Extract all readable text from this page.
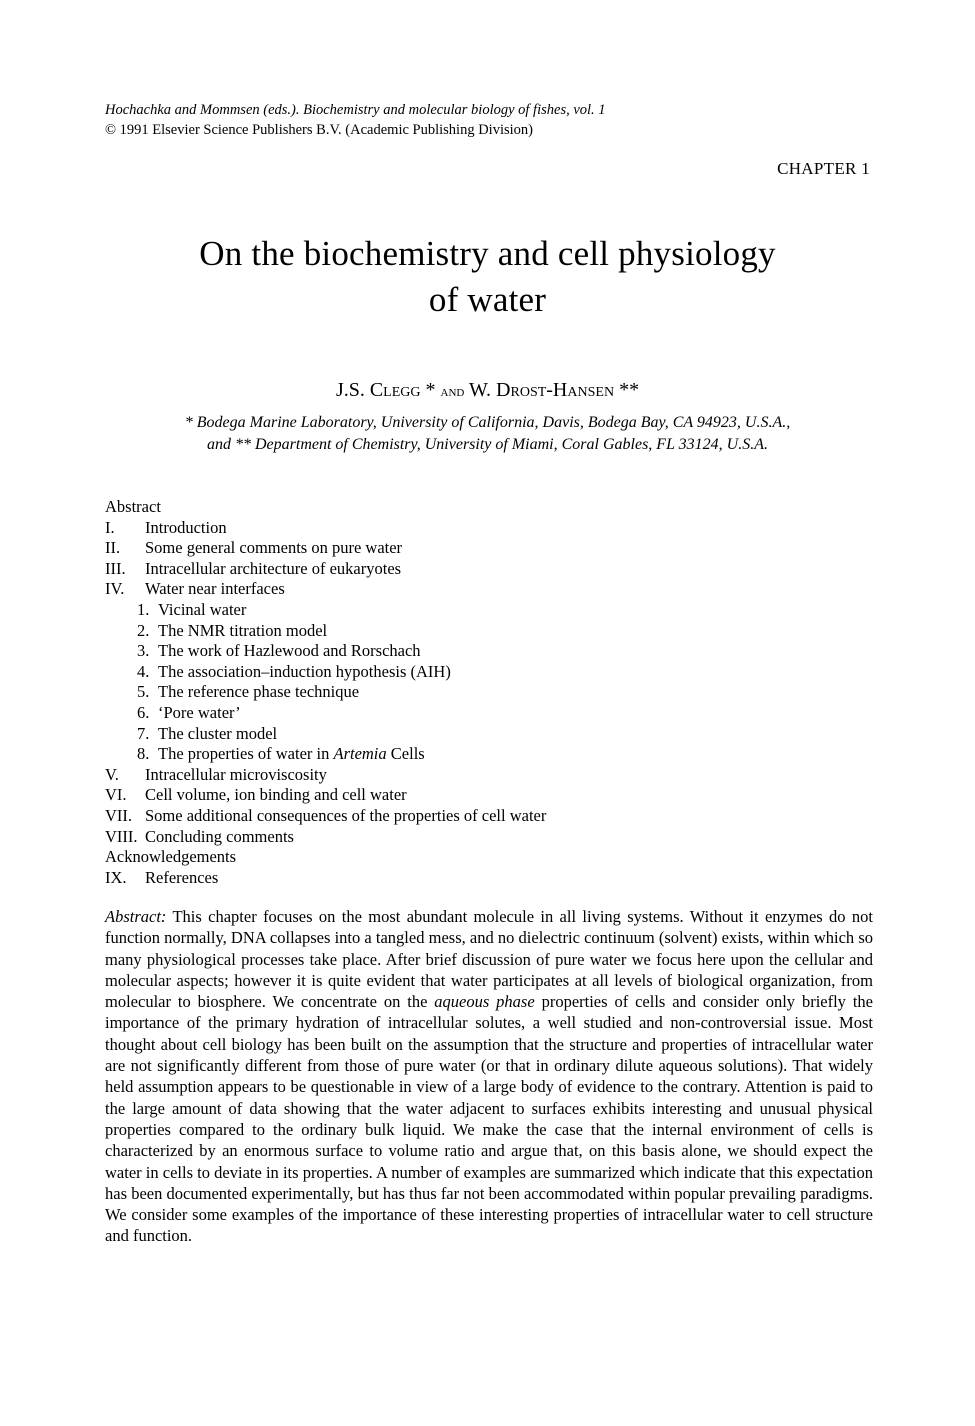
Hochachka and Mommsen (eds.). Biochemistry and molecular biology of fishes, vol. 1
© 1991 Elsevier Science Publishers B.V. (Academic Publishing Division)
CHAPTER 1
On the biochemistry and cell physiology
of water
J.S. Clegg * and W. Drost-Hansen **
* Bodega Marine Laboratory, University of California, Davis, Bodega Bay, CA 94923, U.S.A.,
and ** Department of Chemistry, University of Miami, Coral Gables, FL 33124, U.S.A.
Abstract
I.	Introduction
II.	Some general comments on pure water
III.	Intracellular architecture of eukaryotes
IV.	Water near interfaces
1. Vicinal water
2. The NMR titration model
3. The work of Hazlewood and Rorschach
4. The association–induction hypothesis (AIH)
5. The reference phase technique
6. ‘Pore water’
7. The cluster model
8. The properties of water in Artemia Cells
V.	Intracellular microviscosity
VI.	Cell volume, ion binding and cell water
VII. Some additional consequences of the properties of cell water
VIII. Concluding comments
Acknowledgements
IX.	References
Abstract: This chapter focuses on the most abundant molecule in all living systems. Without it enzymes do not function normally, DNA collapses into a tangled mess, and no dielectric continuum (solvent) exists, within which so many physiological processes take place. After brief discussion of pure water we focus here upon the cellular and molecular aspects; however it is quite evident that water participates at all levels of biological organization, from molecular to biosphere. We concentrate on the aqueous phase properties of cells and consider only briefly the importance of the primary hydration of intracellular solutes, a well studied and non-controversial issue. Most thought about cell biology has been built on the assumption that the structure and properties of intracellular water are not significantly different from those of pure water (or that in ordinary dilute aqueous solutions). That widely held assumption appears to be questionable in view of a large body of evidence to the contrary. Attention is paid to the large amount of data showing that the water adjacent to surfaces exhibits interesting and unusual physical properties compared to the ordinary bulk liquid. We make the case that the internal environment of cells is characterized by an enormous surface to volume ratio and argue that, on this basis alone, we should expect the water in cells to deviate in its properties. A number of examples are summarized which indicate that this expectation has been documented experimentally, but has thus far not been accommodated within popular prevailing paradigms. We consider some examples of the importance of these interesting properties of intracellular water to cell structure and function.
